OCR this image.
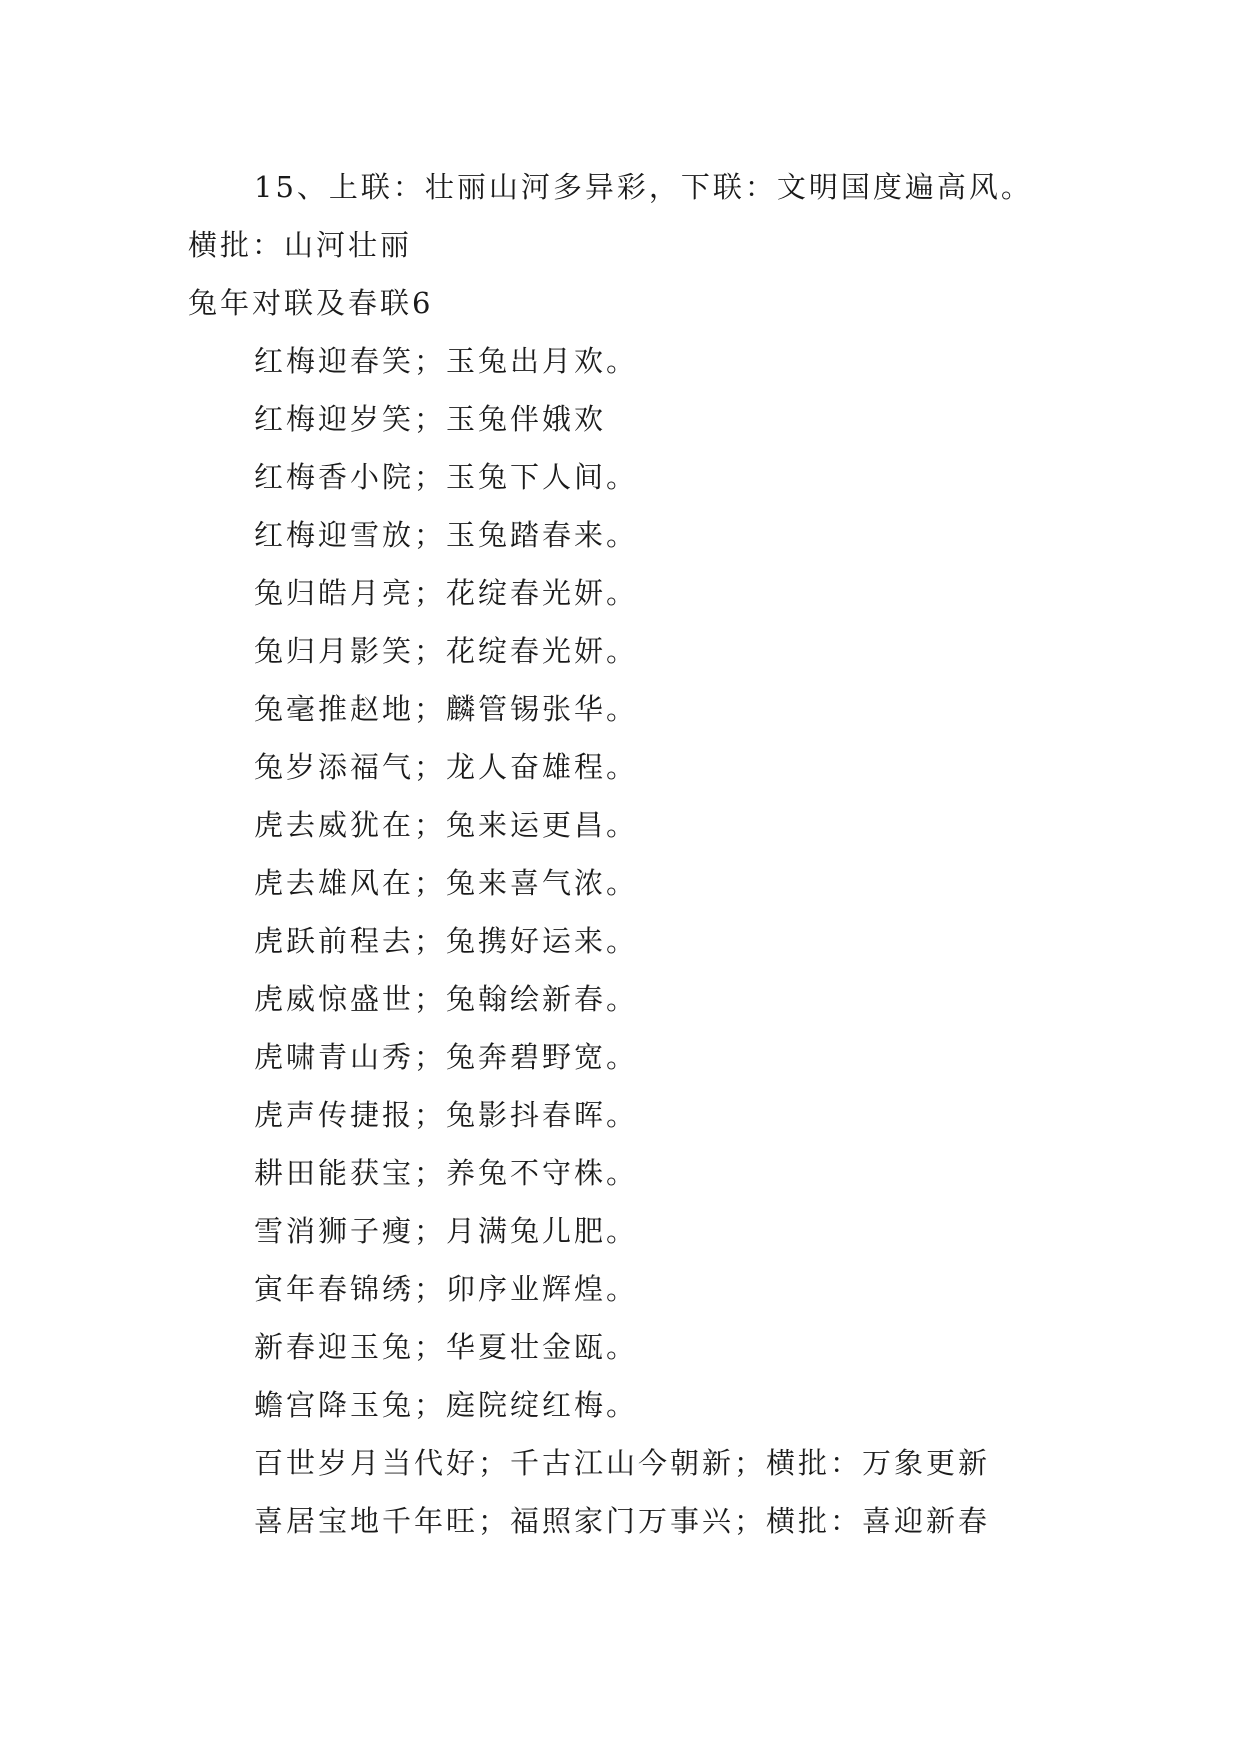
15、上联：壮丽山河多异彩，下联：文明国度遍高风。
横批：山河壮丽
兔年对联及春联6
红梅迎春笑；玉兔出月欢。
红梅迎岁笑；玉兔伴娥欢
红梅香小院；玉兔下人间。
红梅迎雪放；玉兔踏春来。
兔归皓月亮；花绽春光妍。
兔归月影笑；花绽春光妍。
兔毫推赵地；麟管锡张华。
兔岁添福气；龙人奋雄程。
虎去威犹在；兔来运更昌。
虎去雄风在；兔来喜气浓。
虎跃前程去；兔携好运来。
虎威惊盛世；兔翰绘新春。
虎啸青山秀；兔奔碧野宽。
虎声传捷报；兔影抖春晖。
耕田能获宝；养兔不守株。
雪消狮子瘦；月满兔儿肥。
寅年春锦绣；卯序业辉煌。
新春迎玉兔；华夏壮金瓯。
蟾宫降玉兔；庭院绽红梅。
百世岁月当代好；千古江山今朝新；横批：万象更新
喜居宝地千年旺；福照家门万事兴；横批：喜迎新春
